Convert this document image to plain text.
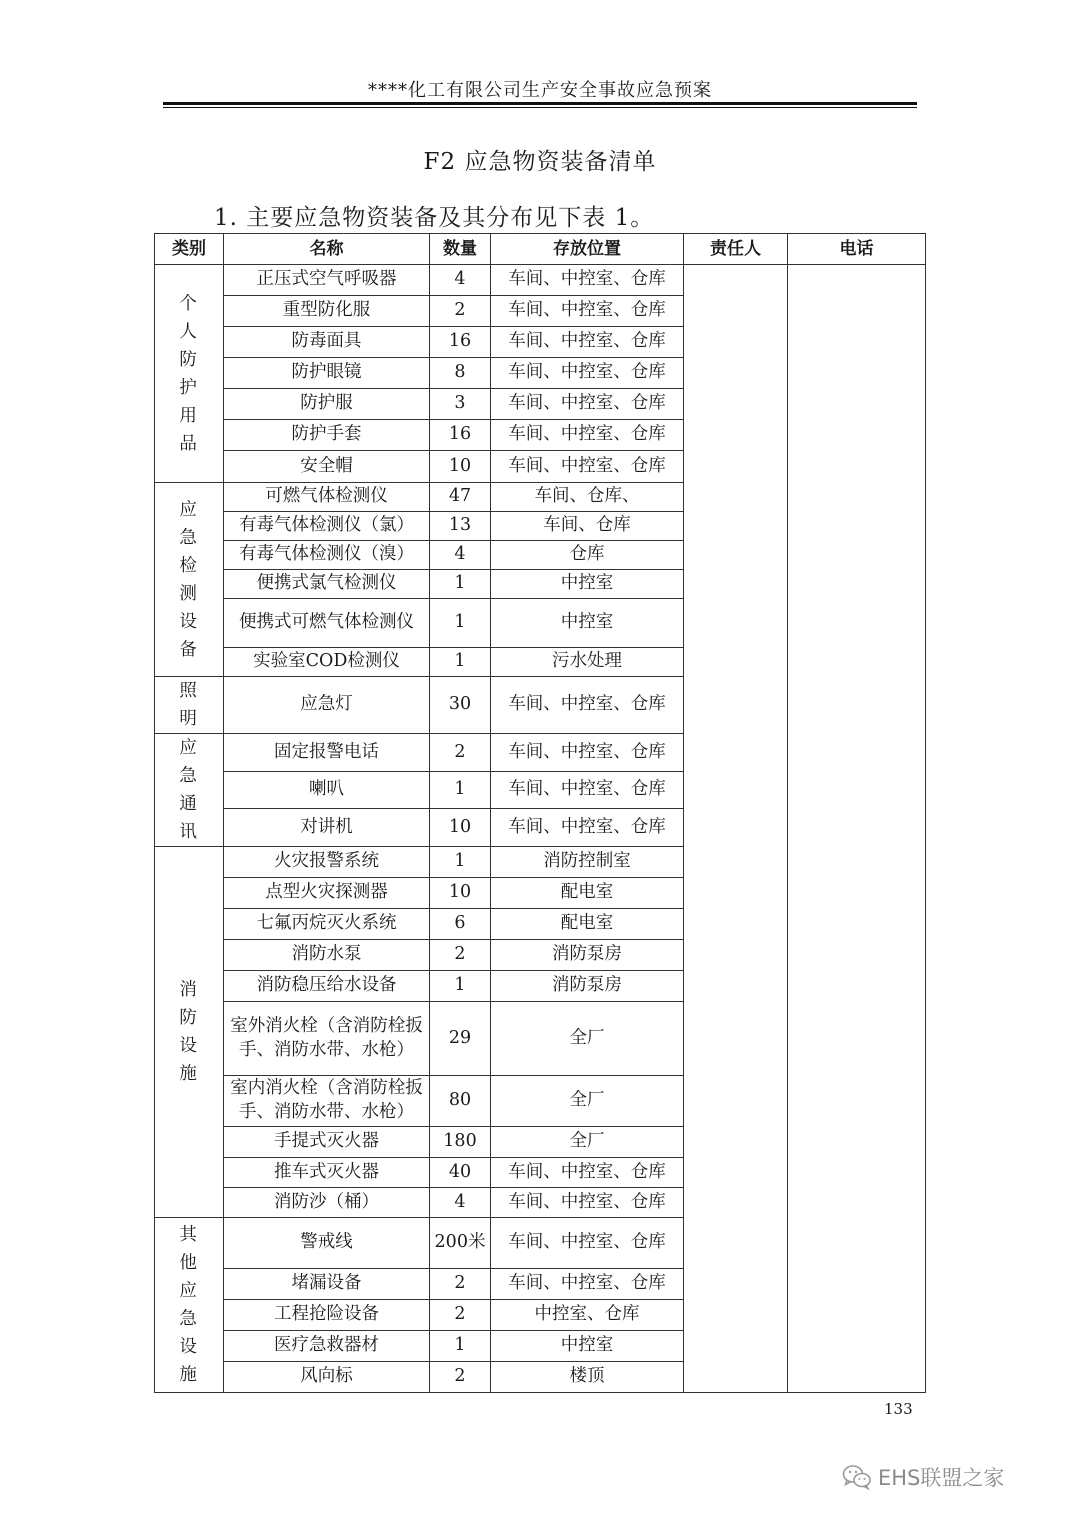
****化工有限公司生产安全事故应急预案
F2 应急物资装备清单
1. 主要应急物资装备及其分布见下表 1。
类别	名称	数量	存放位置	责任人	电话
个人防护用品	正压式空气呼吸器	4	车间、中控室、仓库		
	重型防化服	2	车间、中控室、仓库		
	防毒面具	16	车间、中控室、仓库		
	防护眼镜	8	车间、中控室、仓库		
	防护服	3	车间、中控室、仓库		
	防护手套	16	车间、中控室、仓库		
	安全帽	10	车间、中控室、仓库		
应急检测设备	可燃气体检测仪	47	车间、仓库、		
	有毒气体检测仪（氯）	13	车间、仓库		
	有毒气体检测仪（溴）	4	仓库		
	便携式氯气检测仪	1	中控室		
	便携式可燃气体检测仪	1	中控室		
	实验室COD检测仪	1	污水处理		
照明	应急灯	30	车间、中控室、仓库		
应急通讯	固定报警电话	2	车间、中控室、仓库		
	喇叭	1	车间、中控室、仓库		
	对讲机	10	车间、中控室、仓库		
消防设施	火灾报警系统	1	消防控制室		
	点型火灾探测器	10	配电室		
	七氟丙烷灭火系统	6	配电室		
	消防水泵	2	消防泵房		
	消防稳压给水设备	1	消防泵房		
	室外消火栓（含消防栓扳手、消防水带、水枪）	29	全厂		
	室内消火栓（含消防栓扳手、消防水带、水枪）	80	全厂		
	手提式灭火器	180	全厂		
	推车式灭火器	40	车间、中控室、仓库		
	消防沙（桶）	4	车间、中控室、仓库		
其他应急设施	警戒线	200米	车间、中控室、仓库		
	堵漏设备	2	车间、中控室、仓库		
	工程抢险设备	2	中控室、仓库		
	医疗急救器材	1	中控室		
	风向标	2	楼顶		
133
EHS联盟之家
